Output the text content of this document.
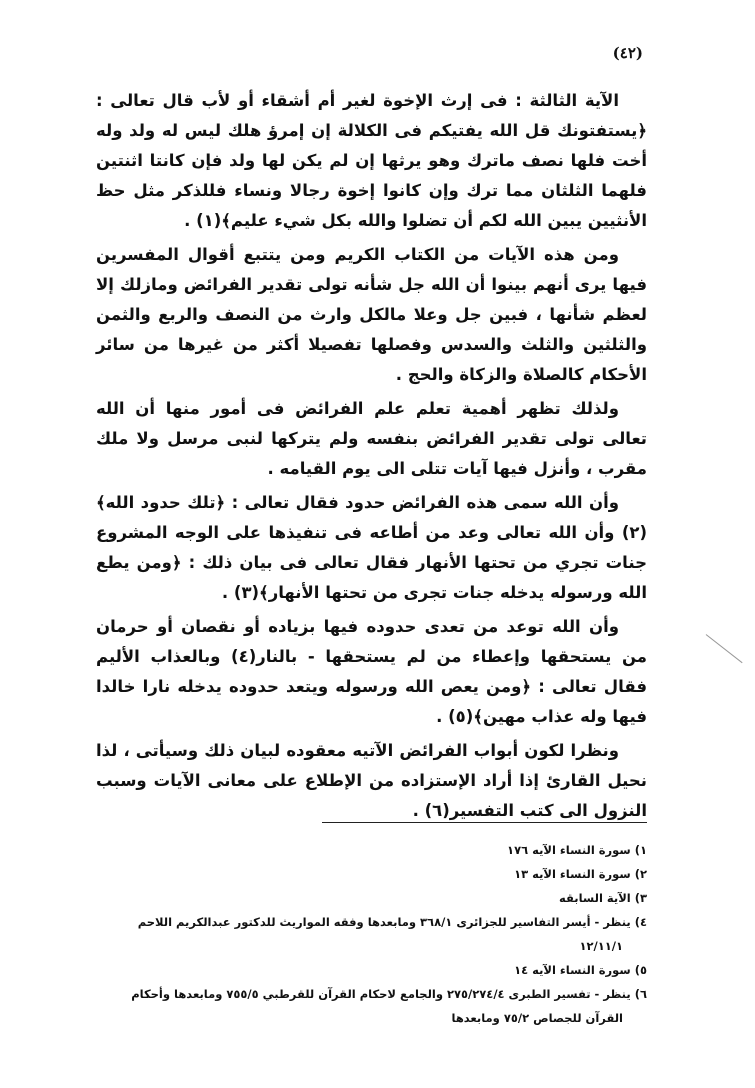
(٤٢)

الآية الثالثة : فى إرث الإخوة لغير أم أشقاء أو لأب قال تعالى : ﴿يستفتونك قل الله يفتيكم فى الكلالة إن إمرؤ هلك ليس له ولد وله أخت فلها نصف ماترك وهو يرثها إن لم يكن لها ولد فإن كانتا اثنتين فلهما الثلثان مما ترك وإن كانوا إخوة رجالا ونساء فللذكر مثل حظ الأنثيين يبين الله لكم أن تضلوا والله بكل شيء عليم﴾(١) .

ومن هذه الآيات من الكتاب الكريم ومن يتتبع أقوال المفسرين فيها يرى أنهم بينوا أن الله جل شأنه تولى تقدير الفرائض ومازلك إلا لعظم شأنها ، فبين جل وعلا مالكل وارث من النصف والربع والثمن والثلثين والثلث والسدس وفصلها تفصيلا أكثر من غيرها من سائر الأحكام كالصلاة والزكاة والحج .

ولذلك تظهر أهمية تعلم علم الفرائض فى أمور منها أن الله تعالى تولى تقدير الفرائض بنفسه ولم يتركها لنبى مرسل ولا ملك مقرب ، وأنزل فيها آيات تتلى الى يوم القيامه .

وأن الله سمى هذه الفرائض حدود فقال تعالى : ﴿تلك حدود الله﴾(٢) وأن الله تعالى وعد من أطاعه فى تنفيذها على الوجه المشروع جنات تجري من تحتها الأنهار فقال تعالى فى بيان ذلك : ﴿ومن يطع الله ورسوله يدخله جنات تجرى من تحتها الأنهار﴾(٣) .

وأن الله توعد من تعدى حدوده فيها بزياده أو نقصان أو حرمان من يستحقها وإعطاء من لم يستحقها - بالنار(٤) وبالعذاب الأليم فقال تعالى : ﴿ومن يعص الله ورسوله ويتعد حدوده يدخله نارا خالدا فيها وله عذاب مهين﴾(٥) .

ونظرا لكون أبواب الفرائض الآتيه معقوده لبيان ذلك وسيأتى ، لذا نحيل القارئ إذا أراد الإستزاده من الإطلاع على معانى الآيات وسبب النزول الى كتب التفسير(٦) .

١) سورة النساء الآيه ١٧٦

٢) سورة النساء الآيه ١٣

٣) الآية السابقه

٤) ينظر - أيسر التفاسير للجزائرى ٣٦٨/١ ومابعدها وفقه المواريث للدكتور عبدالكريم اللاحم
١٢/١١/١

٥) سورة النساء الآيه ١٤

٦) ينظر - تفسير الطبرى ٢٧٥/٢٧٤/٤ والجامع لاحكام القرآن للقرطبي ٧٥٥/٥ ومابعدها وأحكام
القرآن للجصاص ٧٥/٢ ومابعدها
